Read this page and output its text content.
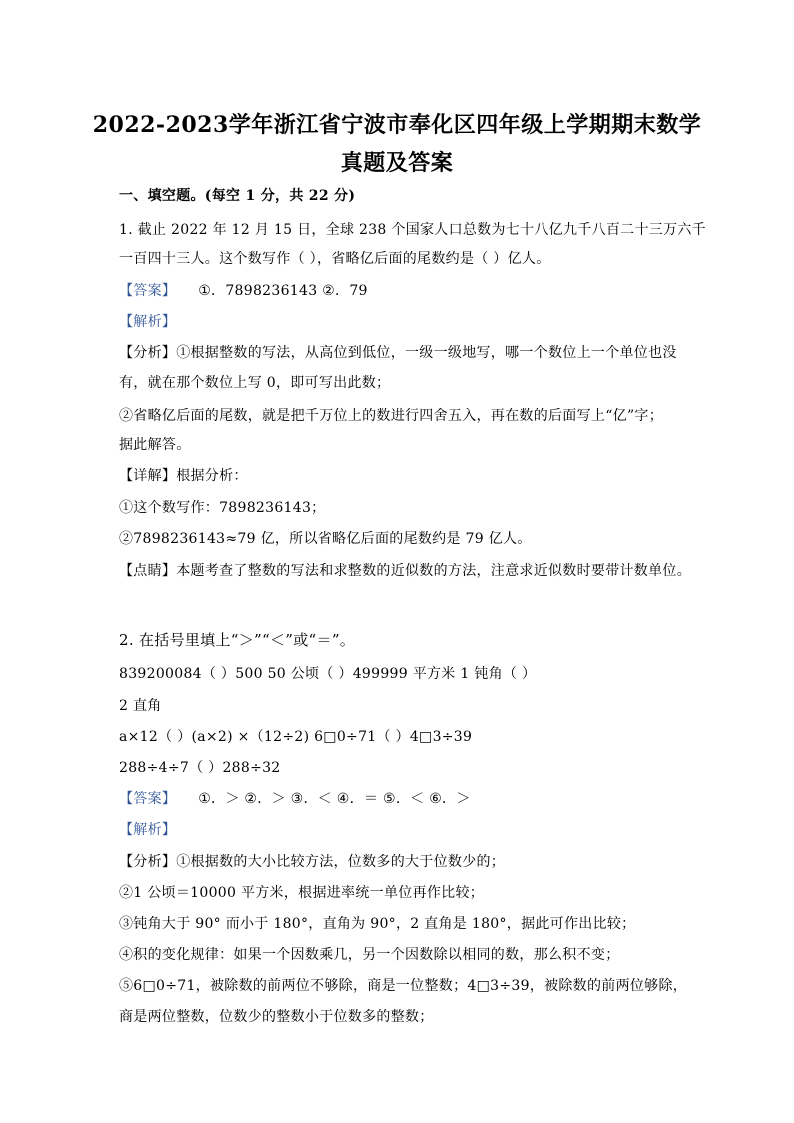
2022-2023学年浙江省宁波市奉化区四年级上学期期末数学
真题及答案
一、填空题。(每空 1 分，共 22 分)
1. 截止 2022 年 12 月 15 日，全球 238 个国家人口总数为七十八亿九千八百二十三万六千
一百四十三人。这个数写作（ ），省略亿后面的尾数约是（ ）亿人。
【答案】 ①．7898236143 ②．79
【解析】
【分析】①根据整数的写法，从高位到低位，一级一级地写，哪一个数位上一个单位也没
有，就在那个数位上写 0，即可写出此数；
②省略亿后面的尾数，就是把千万位上的数进行四舍五入，再在数的后面写上“亿”字；
据此解答。
【详解】根据分析：
①这个数写作：7898236143；
②7898236143≈79 亿，所以省略亿后面的尾数约是 79 亿人。
【点睛】本题考查了整数的写法和求整数的近似数的方法，注意求近似数时要带计数单位。
2. 在括号里填上“＞”“＜”或“＝”。
839200084（ ）500 50 公顷（ ）499999 平方米 1 钝角（ ）
2 直角
a×12（ ）(a×2) ×（12÷2) 6□0÷71（ ）4□3÷39
288÷4÷7（ ）288÷32
【答案】 ①．＞ ②．＞ ③．＜ ④．＝ ⑤．＜ ⑥．＞
【解析】
【分析】①根据数的大小比较方法，位数多的大于位数少的；
②1 公顷＝10000 平方米，根据进率统一单位再作比较；
③钝角大于 90° 而小于 180°，直角为 90°，2 直角是 180°，据此可作出比较；
④积的变化规律：如果一个因数乘几，另一个因数除以相同的数，那么积不变；
⑤6□0÷71，被除数的前两位不够除，商是一位整数；4□3÷39，被除数的前两位够除，
商是两位整数，位数少的整数小于位数多的整数；
